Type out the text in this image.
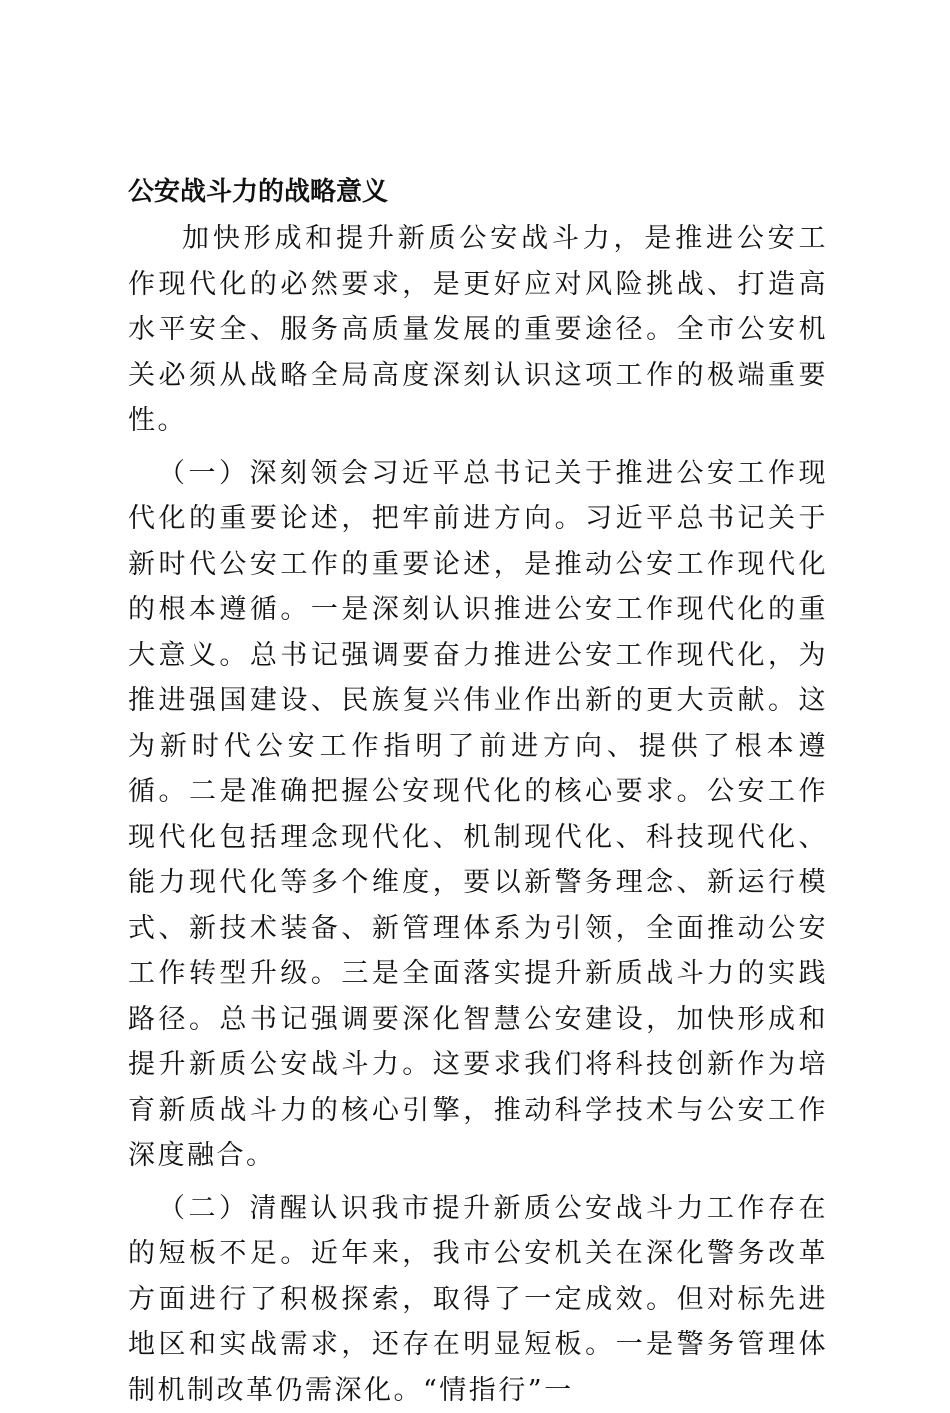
公安战斗力的战略意义

加快形成和提升新质公安战斗力，是推进公安工作现代化的必然要求，是更好应对风险挑战、打造高水平安全、服务高质量发展的重要途径。全市公安机关必须从战略全局高度深刻认识这项工作的极端重要性。

（一）深刻领会习近平总书记关于推进公安工作现代化的重要论述，把牢前进方向。习近平总书记关于新时代公安工作的重要论述，是推动公安工作现代化的根本遵循。一是深刻认识推进公安工作现代化的重大意义。总书记强调要奋力推进公安工作现代化，为推进强国建设、民族复兴伟业作出新的更大贡献。这为新时代公安工作指明了前进方向、提供了根本遵循。二是准确把握公安现代化的核心要求。公安工作现代化包括理念现代化、机制现代化、科技现代化、能力现代化等多个维度，要以新警务理念、新运行模式、新技术装备、新管理体系为引领，全面推动公安工作转型升级。三是全面落实提升新质战斗力的实践路径。总书记强调要深化智慧公安建设，加快形成和提升新质公安战斗力。这要求我们将科技创新作为培育新质战斗力的核心引擎，推动科学技术与公安工作深度融合。

（二）清醒认识我市提升新质公安战斗力工作存在的短板不足。近年来，我市公安机关在深化警务改革方面进行了积极探索，取得了一定成效。但对标先进地区和实战需求，还存在明显短板。一是警务管理体制机制改革仍需深化。“情指行”一
